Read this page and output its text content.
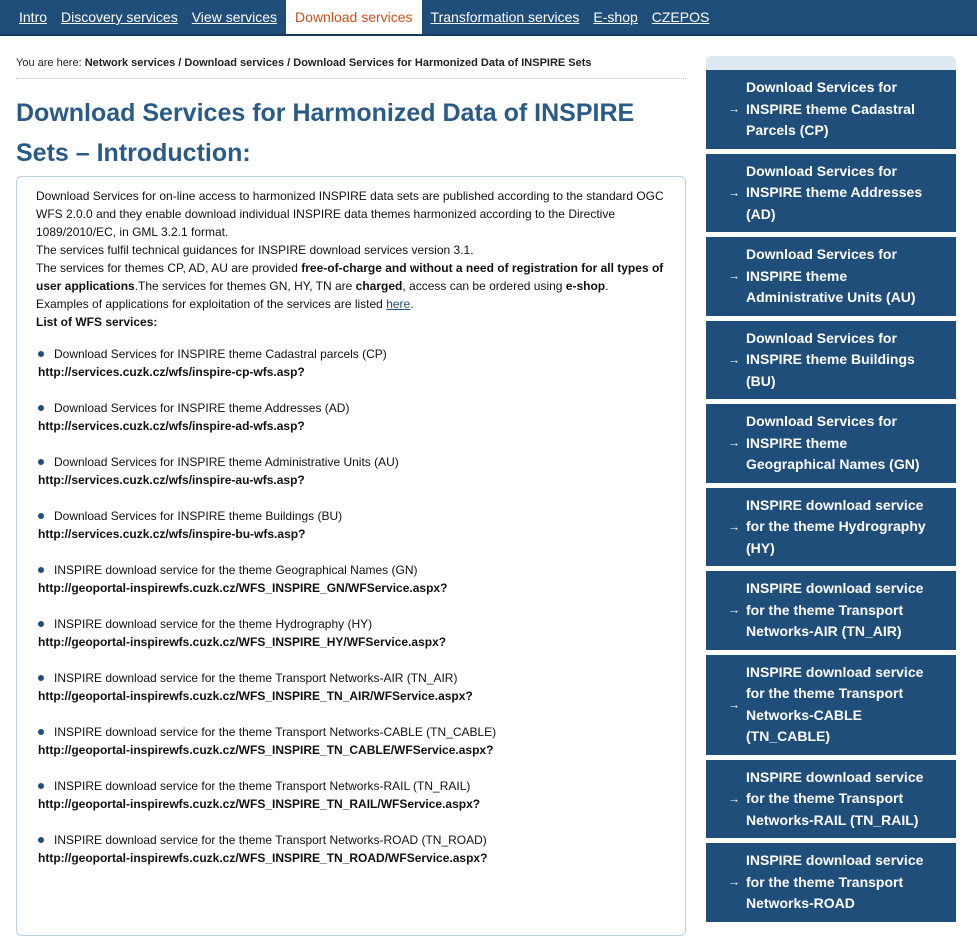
Intro Discovery services View services Download services Transformation services E-shop CZEPOS
You are here: Network services / Download services / Download Services for Harmonized Data of INSPIRE Sets
Download Services for Harmonized Data of INSPIRE Sets – Introduction:

Download Services for on-line access to harmonized INSPIRE data sets are published according to the standard OGC WFS 2.0.0 and they enable download individual INSPIRE data themes harmonized according to the Directive 1089/2010/EC, in GML 3.2.1 format.

The services fulfil technical guidances for INSPIRE download services version 3.1.

The services for themes CP, AD, AU are provided free-of-charge and without a need of registration for all types of user applications.The services for themes GN, HY, TN are charged, access can be ordered using e-shop.

Examples of applications for exploitation of the services are listed here.

List of WFS services:

Download Services for INSPIRE theme Cadastral parcels (CP)
http://services.cuzk.cz/wfs/inspire-cp-wfs.asp?
Download Services for INSPIRE theme Addresses (AD)
http://services.cuzk.cz/wfs/inspire-ad-wfs.asp?
Download Services for INSPIRE theme Administrative Units (AU)
http://services.cuzk.cz/wfs/inspire-au-wfs.asp?
Download Services for INSPIRE theme Buildings (BU)
http://services.cuzk.cz/wfs/inspire-bu-wfs.asp?
INSPIRE download service for the theme Geographical Names (GN)
http://geoportal-inspirewfs.cuzk.cz/WFS_INSPIRE_GN/WFService.aspx?
INSPIRE download service for the theme Hydrography (HY)
http://geoportal-inspirewfs.cuzk.cz/WFS_INSPIRE_HY/WFService.aspx?
INSPIRE download service for the theme Transport Networks-AIR (TN_AIR)
http://geoportal-inspirewfs.cuzk.cz/WFS_INSPIRE_TN_AIR/WFService.aspx?
INSPIRE download service for the theme Transport Networks-CABLE (TN_CABLE)
http://geoportal-inspirewfs.cuzk.cz/WFS_INSPIRE_TN_CABLE/WFService.aspx?
INSPIRE download service for the theme Transport Networks-RAIL (TN_RAIL)
http://geoportal-inspirewfs.cuzk.cz/WFS_INSPIRE_TN_RAIL/WFService.aspx?
INSPIRE download service for the theme Transport Networks-ROAD (TN_ROAD)
http://geoportal-inspirewfs.cuzk.cz/WFS_INSPIRE_TN_ROAD/WFService.aspx?
→
Download Services for
INSPIRE theme Cadastral
Parcels (CP)
→
Download Services for
INSPIRE theme Addresses
(AD)
→
Download Services for
INSPIRE theme
Administrative Units (AU)
→
Download Services for
INSPIRE theme Buildings
(BU)
→
Download Services for
INSPIRE theme
Geographical Names (GN)
→
INSPIRE download service
for the theme Hydrography
(HY)
→
INSPIRE download service
for the theme Transport
Networks-AIR (TN_AIR)
→
INSPIRE download service
for the theme Transport
Networks-CABLE
(TN_CABLE)
→
INSPIRE download service
for the theme Transport
Networks-RAIL (TN_RAIL)
→
INSPIRE download service
for the theme Transport
Networks-ROAD
